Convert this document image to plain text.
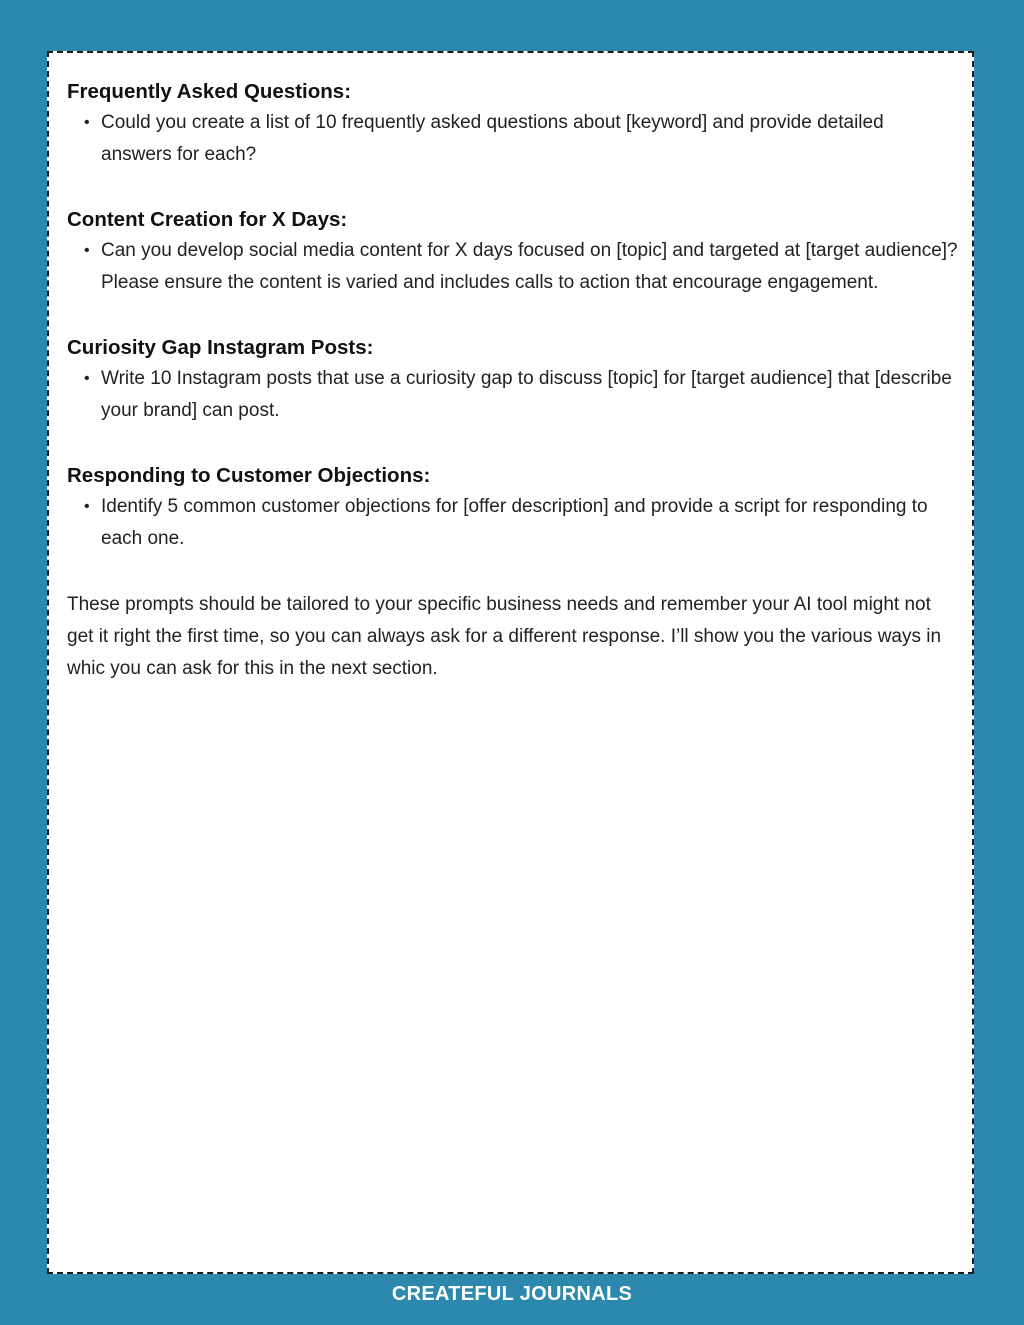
Frequently Asked Questions:
• Could you create a list of 10 frequently asked questions about [keyword] and provide detailed answers for each?
Content Creation for X Days:
• Can you develop social media content for X days focused on [topic] and targeted at [target audience]? Please ensure the content is varied and includes calls to action that encourage engagement.
Curiosity Gap Instagram Posts:
• Write 10 Instagram posts that use a curiosity gap to discuss [topic] for [target audience] that [describe your brand] can post.
Responding to Customer Objections:
• Identify 5 common customer objections for [offer description] and provide a script for responding to each one.

These prompts should be tailored to your specific business needs and remember your AI tool might not get it right the first time, so you can always ask for a different response. I’ll show you the various ways in whic you can ask for this in the next section.

CREATEFUL JOURNALS
